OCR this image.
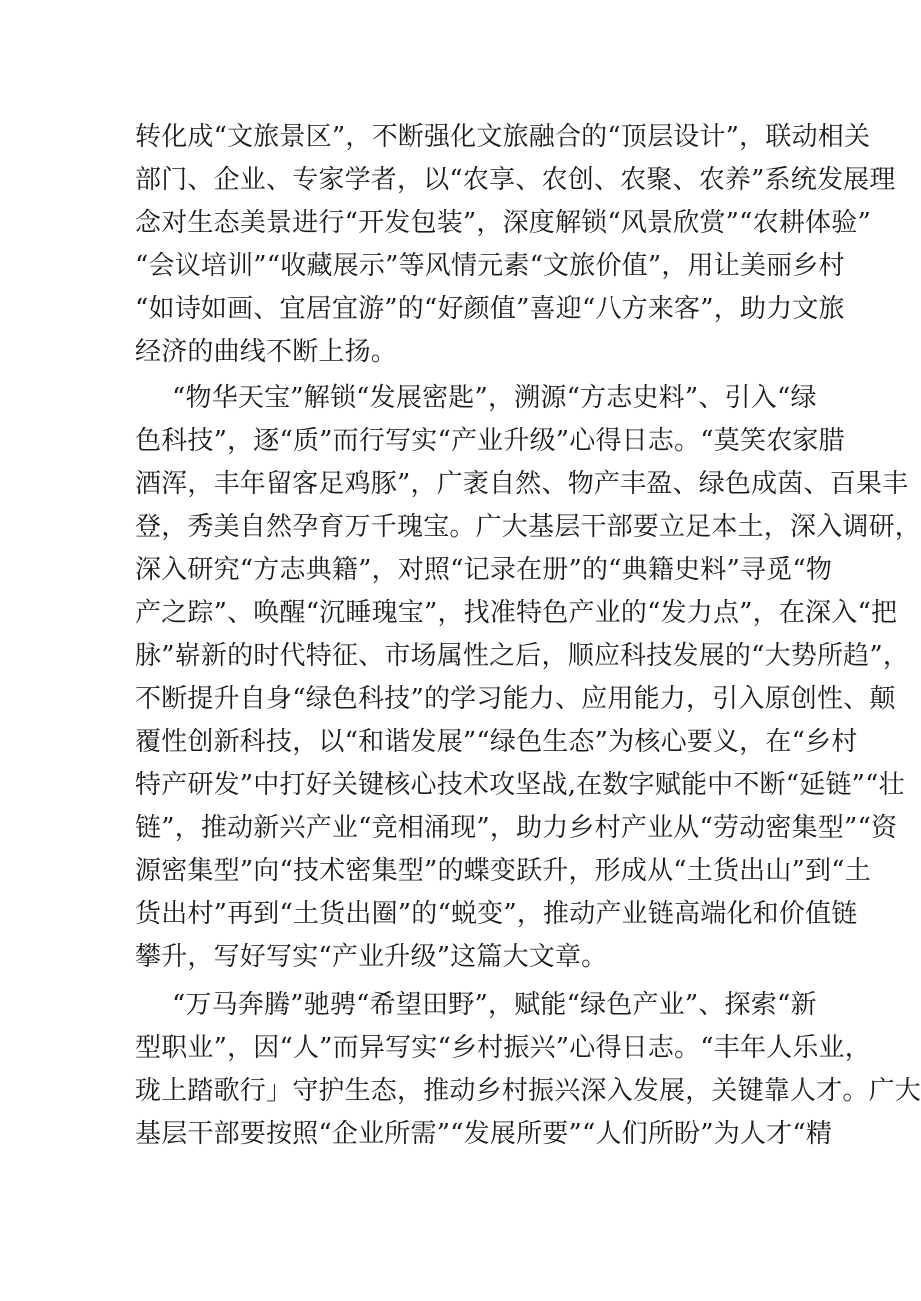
转化成“文旅景区”，不断强化文旅融合的“顶层设计”，联动相关
部门、企业、专家学者，以“农享、农创、农聚、农养”系统发展理
念对生态美景进行“开发包装”，深度解锁“风景欣赏”“农耕体验”
“会议培训”“收藏展示”等风情元素“文旅价值”，用让美丽乡村
“如诗如画、宜居宜游”的“好颜值”喜迎“八方来客”，助力文旅
经济的曲线不断上扬。
“物华天宝”解锁“发展密匙”，溯源“方志史料”、引入“绿
色科技”，逐“质”而行写实“产业升级”心得日志。“莫笑农家腊
酒浑，丰年留客足鸡豚”，广袤自然、物产丰盈、绿色成茵、百果丰
登，秀美自然孕育万千瑰宝。广大基层干部要立足本土，深入调研，
深入研究“方志典籍”，对照“记录在册”的“典籍史料”寻觅“物
产之踪”、唤醒“沉睡瑰宝”，找准特色产业的“发力点”，在深入“把
脉”崭新的时代特征、市场属性之后，顺应科技发展的“大势所趋”，
不断提升自身“绿色科技”的学习能力、应用能力，引入原创性、颠
覆性创新科技，以“和谐发展”“绿色生态”为核心要义，在“乡村
特产研发”中打好关键核心技术攻坚战,在数字赋能中不断“延链”“壮
链”，推动新兴产业“竞相涌现”，助力乡村产业从“劳动密集型”“资
源密集型”向“技术密集型”的蝶变跃升，形成从“土货出山”到“土
货出村”再到“土货出圈”的“蜕变”，推动产业链高端化和价值链
攀升，写好写实“产业升级”这篇大文章。
“万马奔腾”驰骋“希望田野”，赋能“绿色产业”、探索“新
型职业”，因“人”而异写实“乡村振兴”心得日志。“丰年人乐业，
珑上踏歌行」守护生态，推动乡村振兴深入发展，关键靠人才。广大
基层干部要按照“企业所需”“发展所要”“人们所盼”为人才“精
